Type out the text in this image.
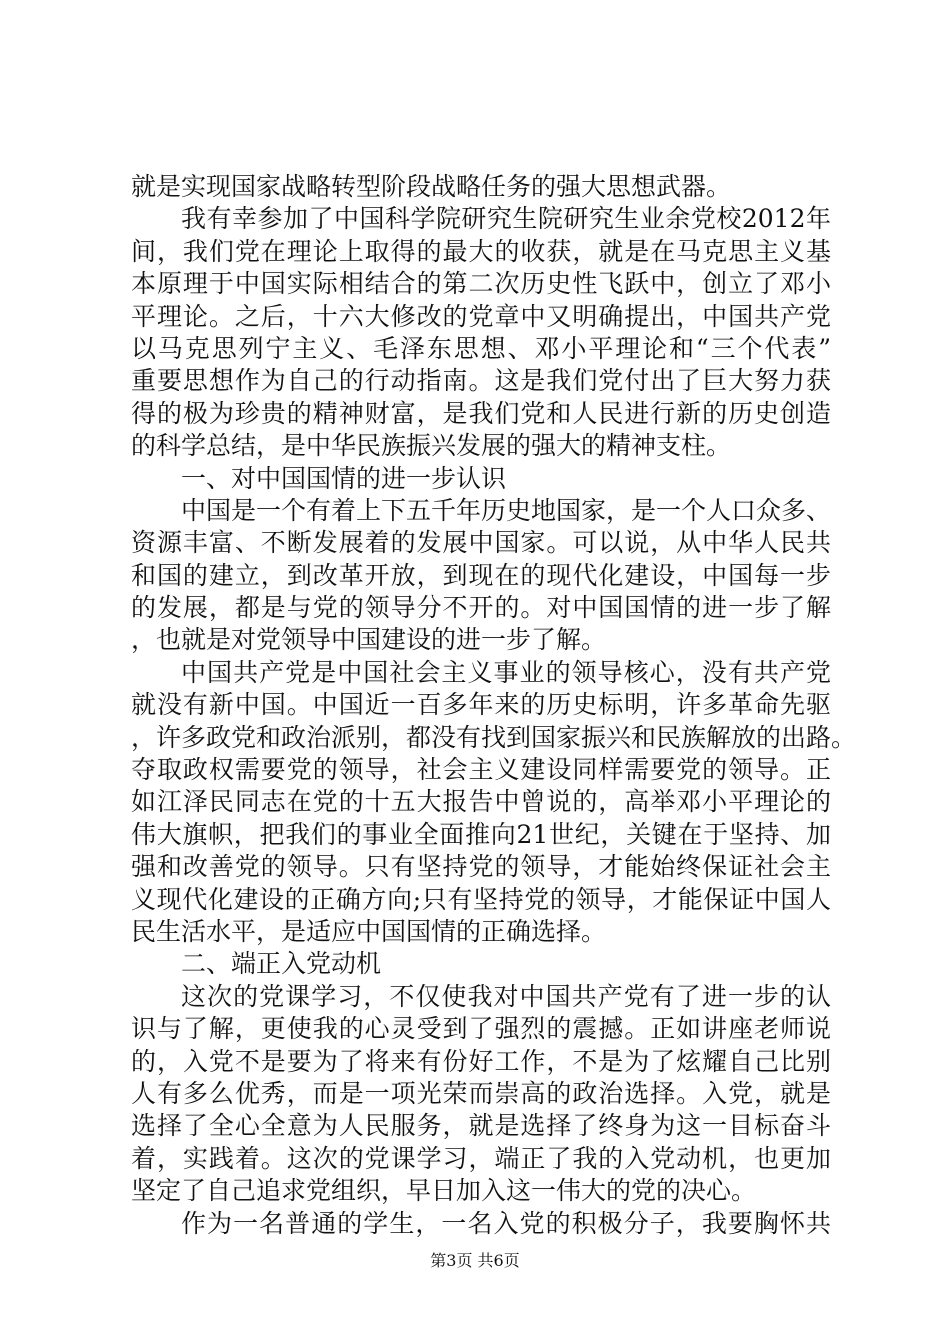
就是实现国家战略转型阶段战略任务的强大思想武器。
我有幸参加了中国科学院研究生院研究生业余党校2012年
间，我们党在理论上取得的最大的收获，就是在马克思主义基
本原理于中国实际相结合的第二次历史性飞跃中，创立了邓小
平理论。之后，十六大修改的党章中又明确提出，中国共产党
以马克思列宁主义、毛泽东思想、邓小平理论和“三个代表”
重要思想作为自己的行动指南。这是我们党付出了巨大努力获
得的极为珍贵的精神财富，是我们党和人民进行新的历史创造
的科学总结，是中华民族振兴发展的强大的精神支柱。
一、对中国国情的进一步认识
中国是一个有着上下五千年历史地国家，是一个人口众多、
资源丰富、不断发展着的发展中国家。可以说，从中华人民共
和国的建立，到改革开放，到现在的现代化建设，中国每一步
的发展，都是与党的领导分不开的。对中国国情的进一步了解
，也就是对党领导中国建设的进一步了解。
中国共产党是中国社会主义事业的领导核心，没有共产党
就没有新中国。中国近一百多年来的历史标明，许多革命先驱
，许多政党和政治派别，都没有找到国家振兴和民族解放的出路。
夺取政权需要党的领导，社会主义建设同样需要党的领导。正
如江泽民同志在党的十五大报告中曾说的，高举邓小平理论的
伟大旗帜，把我们的事业全面推向21世纪，关键在于坚持、加
强和改善党的领导。只有坚持党的领导，才能始终保证社会主
义现代化建设的正确方向;只有坚持党的领导，才能保证中国人
民生活水平，是适应中国国情的正确选择。
二、端正入党动机
这次的党课学习，不仅使我对中国共产党有了进一步的认
识与了解，更使我的心灵受到了强烈的震撼。正如讲座老师说
的，入党不是要为了将来有份好工作，不是为了炫耀自己比别
人有多么优秀，而是一项光荣而崇高的政治选择。入党，就是
选择了全心全意为人民服务，就是选择了终身为这一目标奋斗
着，实践着。这次的党课学习，端正了我的入党动机，也更加
坚定了自己追求党组织，早日加入这一伟大的党的决心。
作为一名普通的学生，一名入党的积极分子，我要胸怀共
第3页 共6页
